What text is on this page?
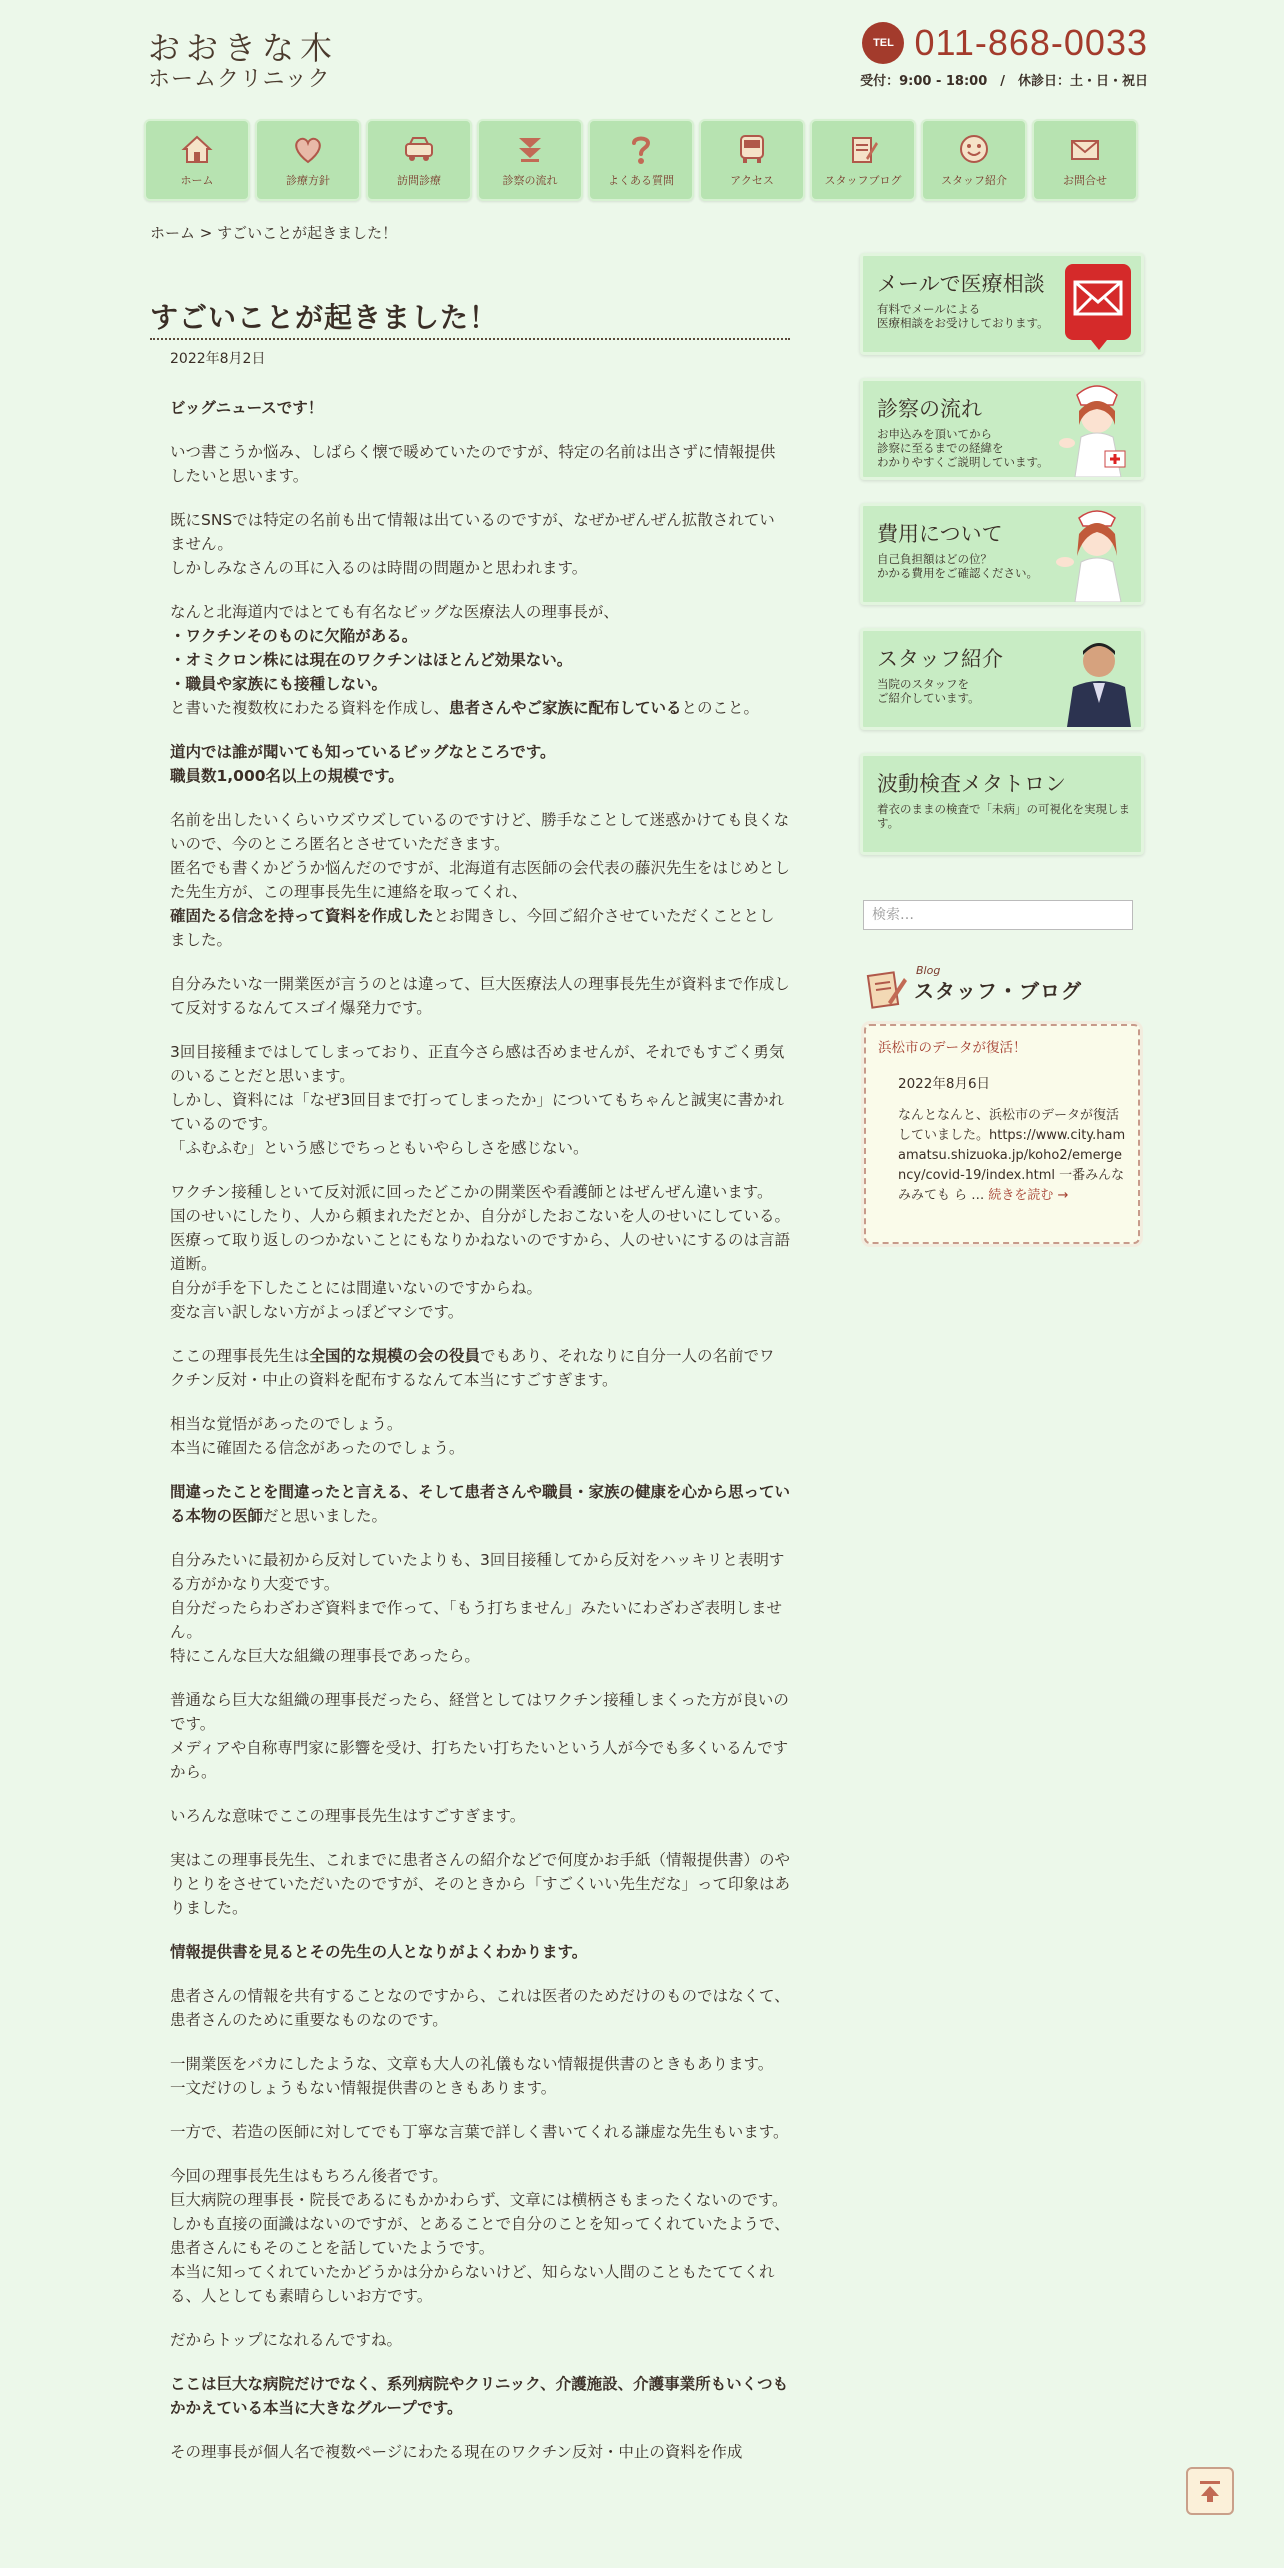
おおきな木
ホームクリニック
TEL 011-868-0033
受付：9:00 - 18:00　/　休診日：土・日・祝日
ホーム	診療方針	訪問診療	診察の流れ	よくある質問	アクセス	スタッフブログ	スタッフ紹介	お問合せ
ホーム > すごいことが起きました！
すごいことが起きました！
2022年8月2日

ビッグニュースです！

いつ書こうか悩み、しばらく懐で暖めていたのですが、特定の名前は出さずに情報提供したいと思います。

既にSNSでは特定の名前も出て情報は出ているのですが、なぜかぜんぜん拡散されていません。
しかしみなさんの耳に入るのは時間の問題かと思われます。

なんと北海道内ではとても有名なビッグな医療法人の理事長が、
・ワクチンそのものに欠陥がある。
・オミクロン株には現在のワクチンはほとんど効果ない。
・職員や家族にも接種しない。
と書いた複数枚にわたる資料を作成し、患者さんやご家族に配布しているとのこと。

道内では誰が聞いても知っているビッグなところです。
職員数1,000名以上の規模です。

名前を出したいくらいウズウズしているのですけど、勝手なことして迷惑かけても良くないので、今のところ匿名とさせていただきます。
匿名でも書くかどうか悩んだのですが、北海道有志医師の会代表の藤沢先生をはじめとした先生方が、この理事長先生に連絡を取ってくれ、
確固たる信念を持って資料を作成したとお聞きし、今回ご紹介させていただくこととしました。

自分みたいな一開業医が言うのとは違って、巨大医療法人の理事長先生が資料まで作成して反対するなんてスゴイ爆発力です。

3回目接種まではしてしまっており、正直今さら感は否めませんが、それでもすごく勇気のいることだと思います。
しかし、資料には「なぜ3回目まで打ってしまったか」についてもちゃんと誠実に書かれているのです。
「ふむふむ」という感じでちっともいやらしさを感じない。

ワクチン接種しといて反対派に回ったどこかの開業医や看護師とはぜんぜん違います。
国のせいにしたり、人から頼まれただとか、自分がしたおこないを人のせいにしている。
医療って取り返しのつかないことにもなりかねないのですから、人のせいにするのは言語道断。
自分が手を下したことには間違いないのですからね。
変な言い訳しない方がよっぽどマシです。

ここの理事長先生は全国的な規模の会の役員でもあり、それなりに自分一人の名前でワクチン反対・中止の資料を配布するなんて本当にすごすぎます。

相当な覚悟があったのでしょう。
本当に確固たる信念があったのでしょう。

間違ったことを間違ったと言える、そして患者さんや職員・家族の健康を心から思っている本物の医師だと思いました。

自分みたいに最初から反対していたよりも、3回目接種してから反対をハッキリと表明する方がかなり大変です。
自分だったらわざわざ資料まで作って、「もう打ちません」みたいにわざわざ表明しません。
特にこんな巨大な組織の理事長であったら。

普通なら巨大な組織の理事長だったら、経営としてはワクチン接種しまくった方が良いのです。
メディアや自称専門家に影響を受け、打ちたい打ちたいという人が今でも多くいるんですから。

いろんな意味でここの理事長先生はすごすぎます。

実はこの理事長先生、これまでに患者さんの紹介などで何度かお手紙（情報提供書）のやりとりをさせていただいたのですが、そのときから「すごくいい先生だな」って印象はありました。

情報提供書を見るとその先生の人となりがよくわかります。

患者さんの情報を共有することなのですから、これは医者のためだけのものではなくて、患者さんのために重要なものなのです。

一開業医をバカにしたような、文章も大人の礼儀もない情報提供書のときもあります。
一文だけのしょうもない情報提供書のときもあります。

一方で、若造の医師に対してでも丁寧な言葉で詳しく書いてくれる謙虚な先生もいます。

今回の理事長先生はもちろん後者です。
巨大病院の理事長・院長であるにもかかわらず、文章には横柄さもまったくないのです。
しかも直接の面識はないのですが、とあることで自分のことを知ってくれていたようで、患者さんにもそのことを話していたようです。
本当に知ってくれていたかどうかは分からないけど、知らない人間のこともたててくれる、人としても素晴らしいお方です。

だからトップになれるんですね。

ここは巨大な病院だけでなく、系列病院やクリニック、介護施設、介護事業所もいくつもかかえている本当に大きなグループです。

その理事長が個人名で複数ページにわたる現在のワクチン反対・中止の資料を作成

メールで医療相談
有料でメールによる
医療相談をお受けしております。
診察の流れ
お申込みを頂いてから
診察に至るまでの経緯を
わかりやすくご説明しています。
費用について
自己負担額はどの位？
かかる費用をご確認ください。
スタッフ紹介
当院のスタッフを
ご紹介しています。
波動検査メタトロン
着衣のままの検査で「未病」の可視化を実現します。
検索…
Blog
スタッフ・ブログ
浜松市のデータが復活！
2022年8月6日
なんとなんと、浜松市のデータが復活していました。https://www.city.hamamatsu.shizuoka.jp/koho2/emergency/covid-19/index.html 一番みんなみみても ら … 続きを読む →
